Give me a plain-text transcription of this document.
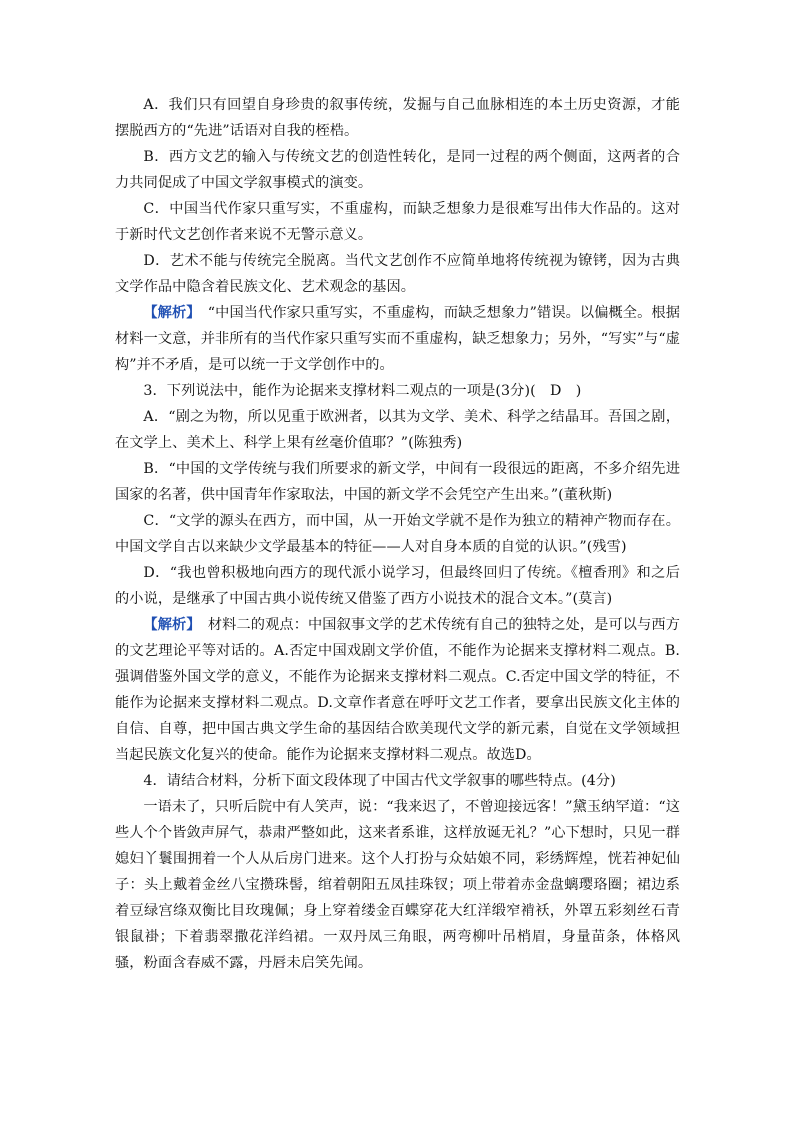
A．我们只有回望自身珍贵的叙事传统，发掘与自己血脉相连的本土历史资源，才能摆脱西方的“先进”话语对自我的桎梏。

B．西方文艺的输入与传统文艺的创造性转化，是同一过程的两个侧面，这两者的合力共同促成了中国文学叙事模式的演变。

C．中国当代作家只重写实，不重虚构，而缺乏想象力是很难写出伟大作品的。这对于新时代文艺创作者来说不无警示意义。

D．艺术不能与传统完全脱离。当代文艺创作不应简单地将传统视为镣铐，因为古典文学作品中隐含着民族文化、艺术观念的基因。

【解析】　“中国当代作家只重写实，不重虚构，而缺乏想象力”错误。以偏概全。根据材料一文意，并非所有的当代作家只重写实而不重虚构，缺乏想象力；另外，“写实”与“虚构”并不矛盾，是可以统一于文学创作中的。

3．下列说法中，能作为论据来支撑材料二观点的一项是(3分)(　D　)

A．“剧之为物，所以见重于欧洲者，以其为文学、美术、科学之结晶耳。吾国之剧，在文学上、美术上、科学上果有丝毫价值耶？”(陈独秀)

B．“中国的文学传统与我们所要求的新文学，中间有一段很远的距离，不多介绍先进国家的名著，供中国青年作家取法，中国的新文学不会凭空产生出来。”(董秋斯)

C．“文学的源头在西方，而中国，从一开始文学就不是作为独立的精神产物而存在。中国文学自古以来缺少文学最基本的特征——人对自身本质的自觉的认识。”(残雪)

D．“我也曾积极地向西方的现代派小说学习，但最终回归了传统。《檀香刑》和之后的小说，是继承了中国古典小说传统又借鉴了西方小说技术的混合文本。”(莫言)

【解析】　材料二的观点：中国叙事文学的艺术传统有自己的独特之处，是可以与西方的文艺理论平等对话的。A.否定中国戏剧文学价值，不能作为论据来支撑材料二观点。B.强调借鉴外国文学的意义，不能作为论据来支撑材料二观点。C.否定中国文学的特征，不能作为论据来支撑材料二观点。D.文章作者意在呼吁文艺工作者，要拿出民族文化主体的自信、自尊，把中国古典文学生命的基因结合欧美现代文学的新元素，自觉在文学领域担当起民族文化复兴的使命。能作为论据来支撑材料二观点。故选D。

4．请结合材料，分析下面文段体现了中国古代文学叙事的哪些特点。(4分)

一语未了，只听后院中有人笑声，说：“我来迟了，不曾迎接远客！”黛玉纳罕道：“这些人个个皆敛声屏气，恭肃严整如此，这来者系谁，这样放诞无礼？”心下想时，只见一群媳妇丫鬟围拥着一个人从后房门进来。这个人打扮与众姑娘不同，彩绣辉煌，恍若神妃仙子：头上戴着金丝八宝攒珠髻，绾着朝阳五凤挂珠钗；项上带着赤金盘螭璎珞圈；裙边系着豆绿宫绦双衡比目玫瑰佩；身上穿着缕金百蝶穿花大红洋缎窄褃袄，外罩五彩刻丝石青银鼠褂；下着翡翠撒花洋绉裙。一双丹凤三角眼，两弯柳叶吊梢眉，身量苗条，体格风骚，粉面含春威不露，丹唇未启笑先闻。
